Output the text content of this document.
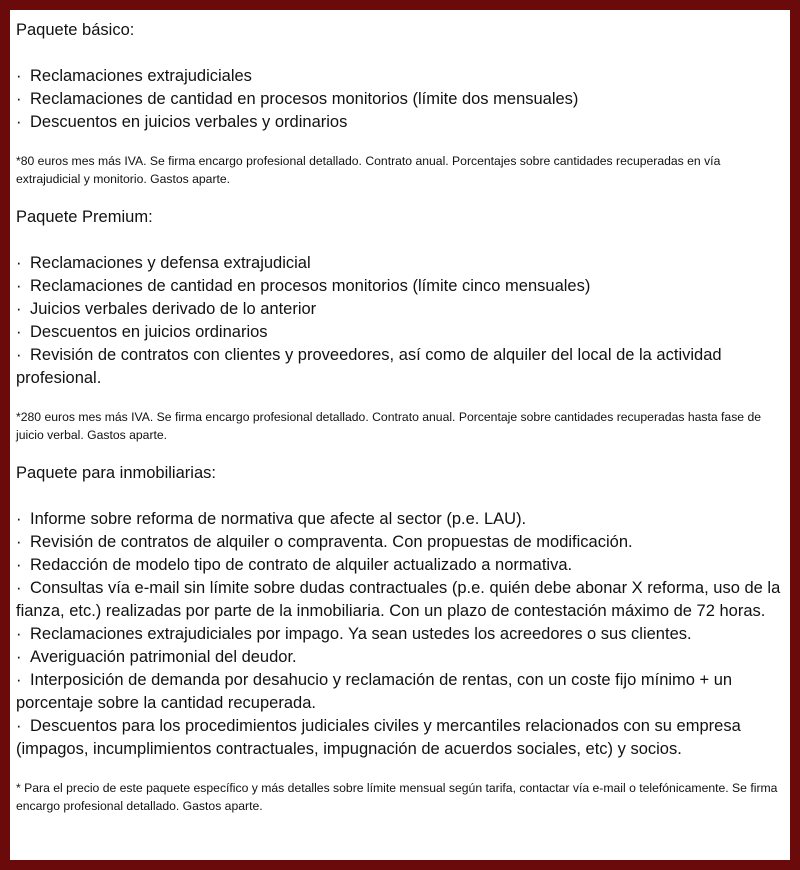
Paquete básico:

· Reclamaciones extrajudiciales
· Reclamaciones de cantidad en procesos monitorios (límite dos mensuales)
· Descuentos en juicios verbales y ordinarios

*80 euros mes más IVA. Se firma encargo profesional detallado. Contrato anual. Porcentajes sobre cantidades recuperadas en vía extrajudicial y monitorio. Gastos aparte.

Paquete Premium:

· Reclamaciones y defensa extrajudicial
· Reclamaciones de cantidad en procesos monitorios (límite cinco mensuales)
· Juicios verbales derivado de lo anterior
· Descuentos en juicios ordinarios
· Revisión de contratos con clientes y proveedores, así como de alquiler del local de la actividad profesional.

*280 euros mes más IVA. Se firma encargo profesional detallado. Contrato anual. Porcentaje sobre cantidades recuperadas hasta fase de juicio verbal. Gastos aparte.

Paquete para inmobiliarias:

· Informe sobre reforma de normativa que afecte al sector (p.e. LAU).
· Revisión de contratos de alquiler o compraventa. Con propuestas de modificación.
· Redacción de modelo tipo de contrato de alquiler actualizado a normativa.
· Consultas vía e-mail sin límite sobre dudas contractuales (p.e. quién debe abonar X reforma, uso de la fianza, etc.) realizadas por parte de la inmobiliaria. Con un plazo de contestación máximo de 72 horas.
· Reclamaciones extrajudiciales por impago. Ya sean ustedes los acreedores o sus clientes.
· Averiguación patrimonial del deudor.
· Interposición de demanda por desahucio y reclamación de rentas, con un coste fijo mínimo + un porcentaje sobre la cantidad recuperada.
· Descuentos para los procedimientos judiciales civiles y mercantiles relacionados con su empresa (impagos, incumplimientos contractuales, impugnación de acuerdos sociales, etc) y socios.

* Para el precio de este paquete específico y más detalles sobre límite mensual según tarifa, contactar vía e-mail o telefónicamente. Se firma encargo profesional detallado. Gastos aparte.
